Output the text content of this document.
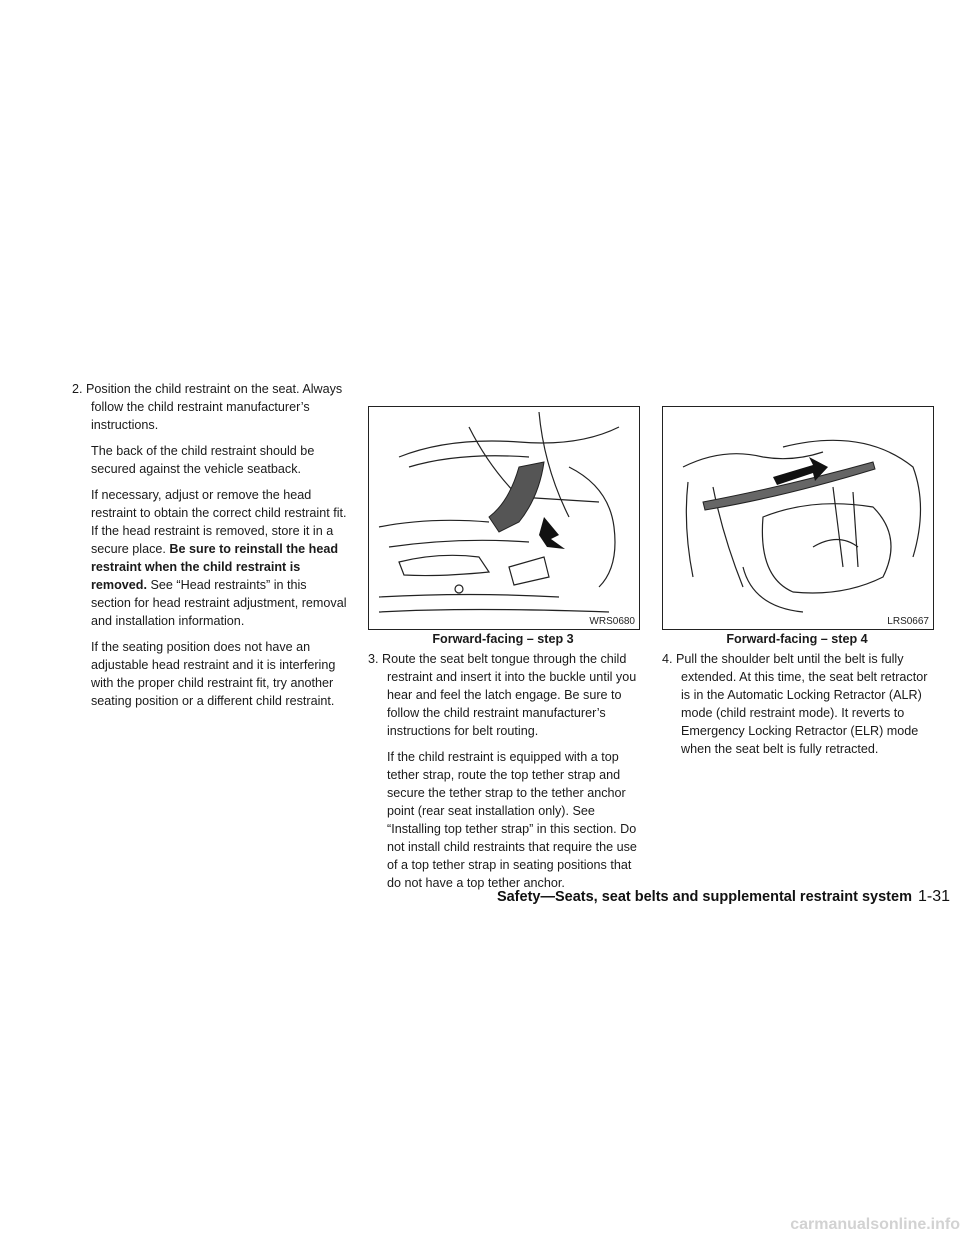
2. Position the child restraint on the seat. Always follow the child restraint manufacturer’s instructions.

The back of the child restraint should be secured against the vehicle seatback.

If necessary, adjust or remove the head restraint to obtain the correct child restraint fit. If the head restraint is removed, store it in a secure place. Be sure to reinstall the head restraint when the child restraint is removed. See “Head restraints” in this section for head restraint adjustment, removal and installation information.

If the seating position does not have an adjustable head restraint and it is interfering with the proper child restraint fit, try another seating position or a different child restraint.

WRS0680
Forward-facing – step 3
LRS0667
Forward-facing – step 4

3. Route the seat belt tongue through the child restraint and insert it into the buckle until you hear and feel the latch engage. Be sure to follow the child restraint manufacturer’s instructions for belt routing.

If the child restraint is equipped with a top tether strap, route the top tether strap and secure the tether strap to the tether anchor point (rear seat installation only). See “Installing top tether strap” in this section. Do not install child restraints that require the use of a top tether strap in seating positions that do not have a top tether anchor.

4. Pull the shoulder belt until the belt is fully extended. At this time, the seat belt retractor is in the Automatic Locking Retractor (ALR) mode (child restraint mode). It reverts to Emergency Locking Retractor (ELR) mode when the seat belt is fully retracted.

Safety—Seats, seat belts and supplemental restraint system 1-31
carmanualsonline.info
